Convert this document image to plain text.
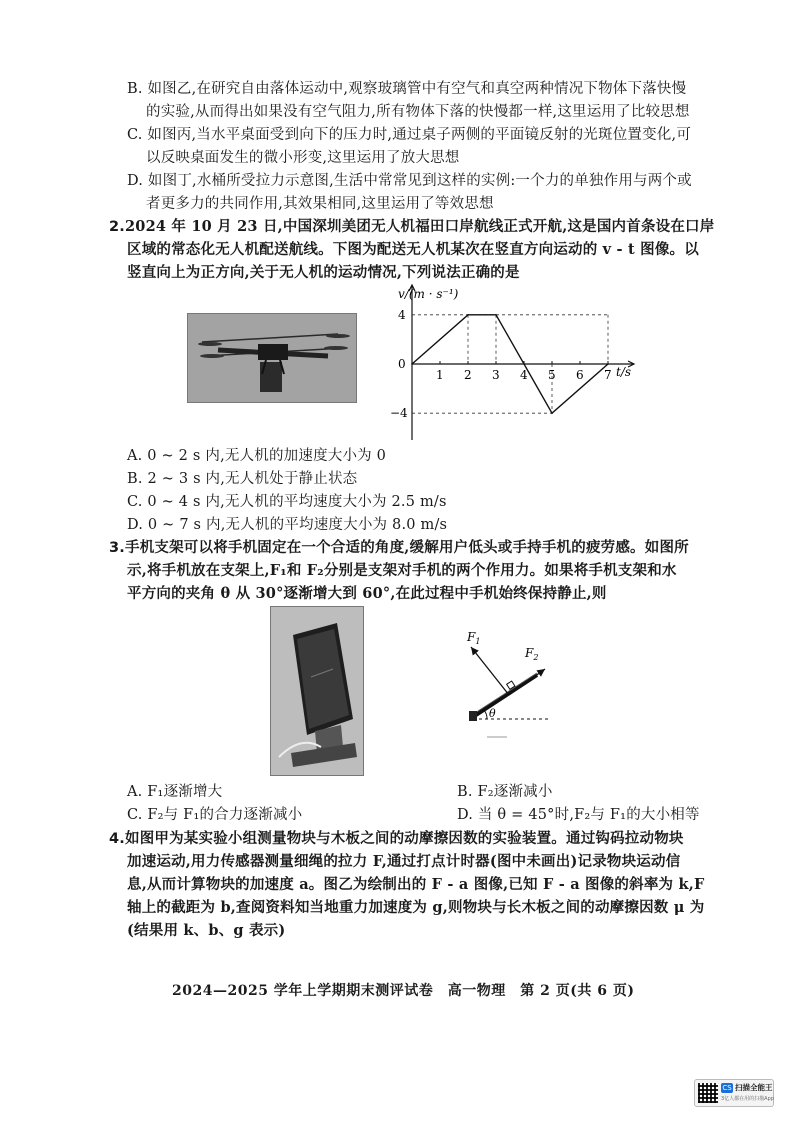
B. 如图乙,在研究自由落体运动中,观察玻璃管中有空气和真空两种情况下物体下落快慢
的实验,从而得出如果没有空气阻力,所有物体下落的快慢都一样,这里运用了比较思想
C. 如图丙,当水平桌面受到向下的压力时,通过桌子两侧的平面镜反射的光斑位置变化,可
以反映桌面发生的微小形变,这里运用了放大思想
D. 如图丁,水桶所受拉力示意图,生活中常常见到这样的实例:一个力的单独作用与两个或
者更多力的共同作用,其效果相同,这里运用了等效思想
2.2024 年 10 月 23 日,中国深圳美团无人机福田口岸航线正式开航,这是国内首条设在口岸
区域的常态化无人机配送航线。下图为配送无人机某次在竖直方向运动的 v - t 图像。以
竖直向上为正方向,关于无人机的运动情况,下列说法正确的是
1 2 3 4 5 6 7
4
0
−4
v/(m · s⁻¹)
t/s
A. 0 ~ 2 s 内,无人机的加速度大小为 0
B. 2 ~ 3 s 内,无人机处于静止状态
C. 0 ~ 4 s 内,无人机的平均速度大小为 2.5 m/s
D. 0 ~ 7 s 内,无人机的平均速度大小为 8.0 m/s
3.手机支架可以将手机固定在一个合适的角度,缓解用户低头或手持手机的疲劳感。如图所
示,将手机放在支架上,F₁和 F₂分别是支架对手机的两个作用力。如果将手机支架和水
平方向的夹角 θ 从 30°逐渐增大到 60°,在此过程中手机始终保持静止,则
θ
$F_1$
$F_2$
A. F₁逐渐增大	B. F₂逐渐减小
C. F₂与 F₁的合力逐渐减小	D. 当 θ = 45°时,F₂与 F₁的大小相等
4.如图甲为某实验小组测量物块与木板之间的动摩擦因数的实验装置。通过钩码拉动物块
加速运动,用力传感器测量细绳的拉力 F,通过打点计时器(图中未画出)记录物块运动信
息,从而计算物块的加速度 a。图乙为绘制出的 F - a 图像,已知 F - a 图像的斜率为 k,F
轴上的截距为 b,查阅资料知当地重力加速度为 g,则物块与长木板之间的动摩擦因数 μ 为
(结果用 k、b、g 表示)
2024—2025 学年上学期期末测评试卷　高一物理　第 2 页(共 6 页)
CS 扫描全能王
3亿人都在用的扫描App
